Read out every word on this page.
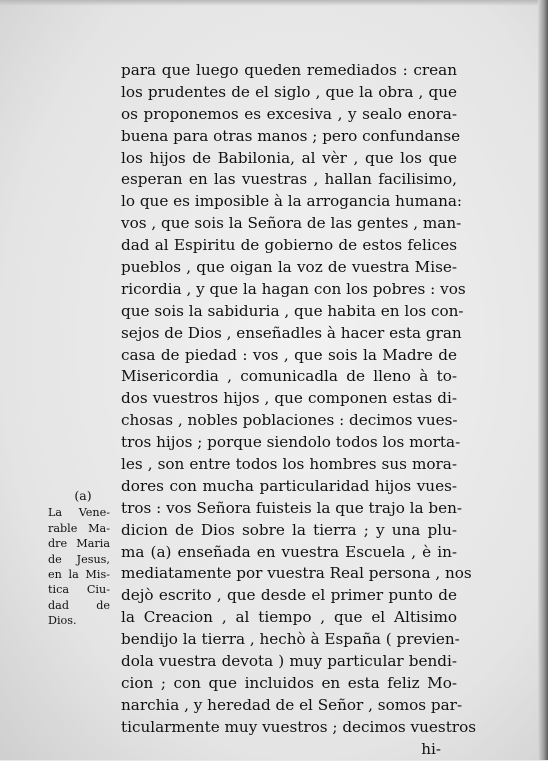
para que luego queden remediados : crean
los prudentes de el siglo , que la obra , que
os proponemos es excesiva , y sealo enora-
buena para otras manos ; pero confundanse
los hijos de Babilonia, al vèr , que los que
esperan en las vuestras , hallan facilisimo,
lo que es imposible à la arrogancia humana:
vos , que sois la Señora de las gentes , man-
dad al Espiritu de gobierno de estos felices
pueblos , que oigan la voz de vuestra Mise-
ricordia , y que la hagan con los pobres : vos
que sois la sabiduria , que habita en los con-
sejos de Dios , enseñadles à hacer esta gran
casa de piedad : vos , que sois la Madre de
Misericordia , comunicadla de lleno à to-
dos vuestros hijos , que componen estas di-
chosas , nobles poblaciones : decimos vues-
tros hijos ; porque siendolo todos los morta-
les , son entre todos los hombres sus mora-
dores con mucha particularidad hijos vues-
tros : vos Señora fuisteis la que trajo la ben-
dicion de Dios sobre la tierra ; y una plu-
ma (a) enseñada en vuestra Escuela , è in-
mediatamente por vuestra Real persona , nos
dejò escrito , que desde el primer punto de
la Creacion , al tiempo , que el Altisimo
bendijo la tierra , hechò à España ( previen-
dola vuestra devota ) muy particular bendi-
cion ; con que incluidos en esta feliz Mo-
narchia , y heredad de el Señor , somos par-
ticularmente muy vuestros ; decimos vuestros
hi-
(a)
La Vene-
rable Ma-
dre Maria
de Jesus,
en la Mis-
tica Ciu-
dad de
Dios.
